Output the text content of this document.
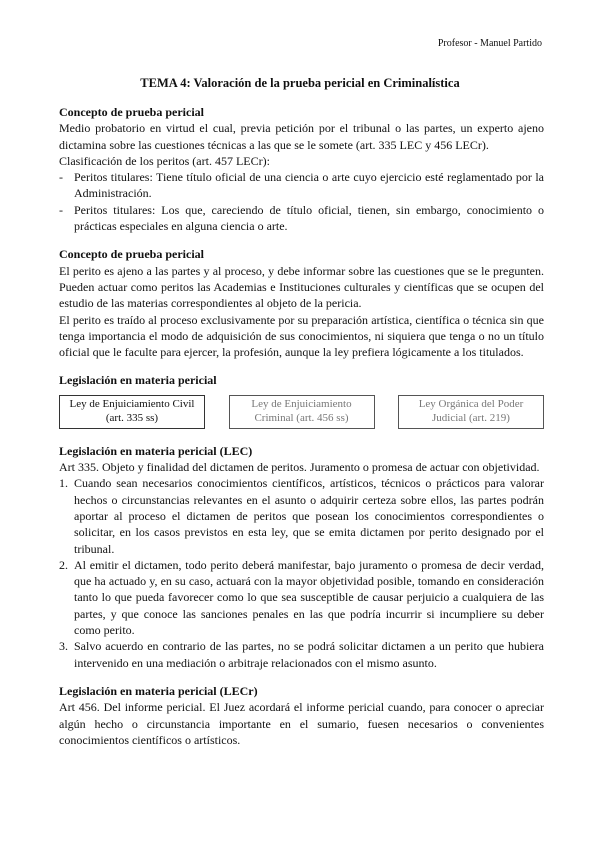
Profesor - Manuel Partido
TEMA 4: Valoración de la prueba pericial en Criminalística
Concepto de prueba pericial

Medio probatorio en virtud el cual, previa petición por el tribunal o las partes, un experto ajeno dictamina sobre las cuestiones técnicas a las que se le somete (art. 335 LEC y 456 LECr).

Clasificación de los peritos (art. 457 LECr):

- Peritos titulares: Tiene título oficial de una ciencia o arte cuyo ejercicio esté reglamentado por la Administración.
- Peritos titulares: Los que, careciendo de título oficial, tienen, sin embargo, conocimiento o prácticas especiales en alguna ciencia o arte.
Concepto de prueba pericial

El perito es ajeno a las partes y al proceso, y debe informar sobre las cuestiones que se le pregunten. Pueden actuar como peritos las Academias e Instituciones culturales y científicas que se ocupen del estudio de las materias correspondientes al objeto de la pericia.

El perito es traído al proceso exclusivamente por su preparación artística, científica o técnica sin que tenga importancia el modo de adquisición de sus conocimientos, ni siquiera que tenga o no un título oficial que le faculte para ejercer, la profesión, aunque la ley prefiera lógicamente a los titulados.

Legislación en materia pericial
Ley de Enjuiciamiento Civil
(art. 335 ss)
Ley de Enjuiciamiento
Criminal (art. 456 ss)
Ley Orgánica del Poder
Judicial (art. 219)
Legislación en materia pericial (LEC)

Art 335. Objeto y finalidad del dictamen de peritos. Juramento o promesa de actuar con objetividad.

1. Cuando sean necesarios conocimientos científicos, artísticos, técnicos o prácticos para valorar hechos o circunstancias relevantes en el asunto o adquirir certeza sobre ellos, las partes podrán aportar al proceso el dictamen de peritos que posean los conocimientos correspondientes o solicitar, en los casos previstos en esta ley, que se emita dictamen por perito designado por el tribunal.
2. Al emitir el dictamen, todo perito deberá manifestar, bajo juramento o promesa de decir verdad, que ha actuado y, en su caso, actuará con la mayor objetividad posible, tomando en consideración tanto lo que pueda favorecer como lo que sea susceptible de causar perjuicio a cualquiera de las partes, y que conoce las sanciones penales en las que podría incurrir si incumpliere su deber como perito.
3. Salvo acuerdo en contrario de las partes, no se podrá solicitar dictamen a un perito que hubiera intervenido en una mediación o arbitraje relacionados con el mismo asunto.
Legislación en materia pericial (LECr)

Art 456. Del informe pericial. El Juez acordará el informe pericial cuando, para conocer o apreciar algún hecho o circunstancia importante en el sumario, fuesen necesarios o convenientes conocimientos científicos o artísticos.
